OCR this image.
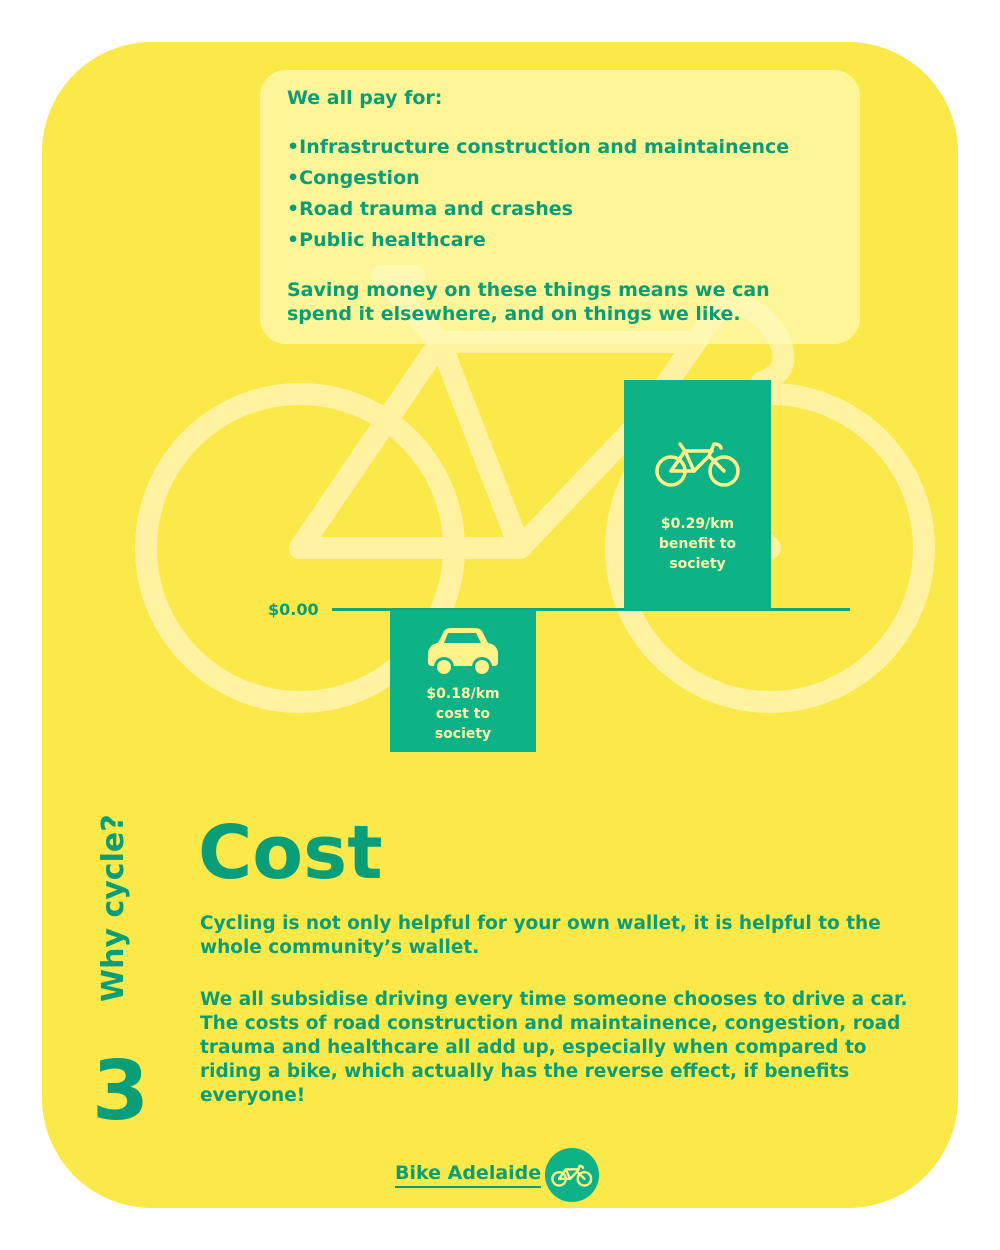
We all pay for:
• Infrastructure construction and maintainence
• Congestion
• Road trauma and crashes
• Public healthcare
Saving money on these things means we can spend it elsewhere, and on things we like.
$0.00
$0.29/km
benefit to
society
$0.18/km
cost to
society
Why cycle?
3
Cost
Cycling is not only helpful for your own wallet, it is helpful to the whole community’s wallet.
We all subsidise driving every time someone chooses to drive a car. The costs of road construction and maintainence, congestion, road trauma and healthcare all add up, especially when compared to riding a bike, which actually has the reverse effect, if benefits everyone!
Bike Adelaide
